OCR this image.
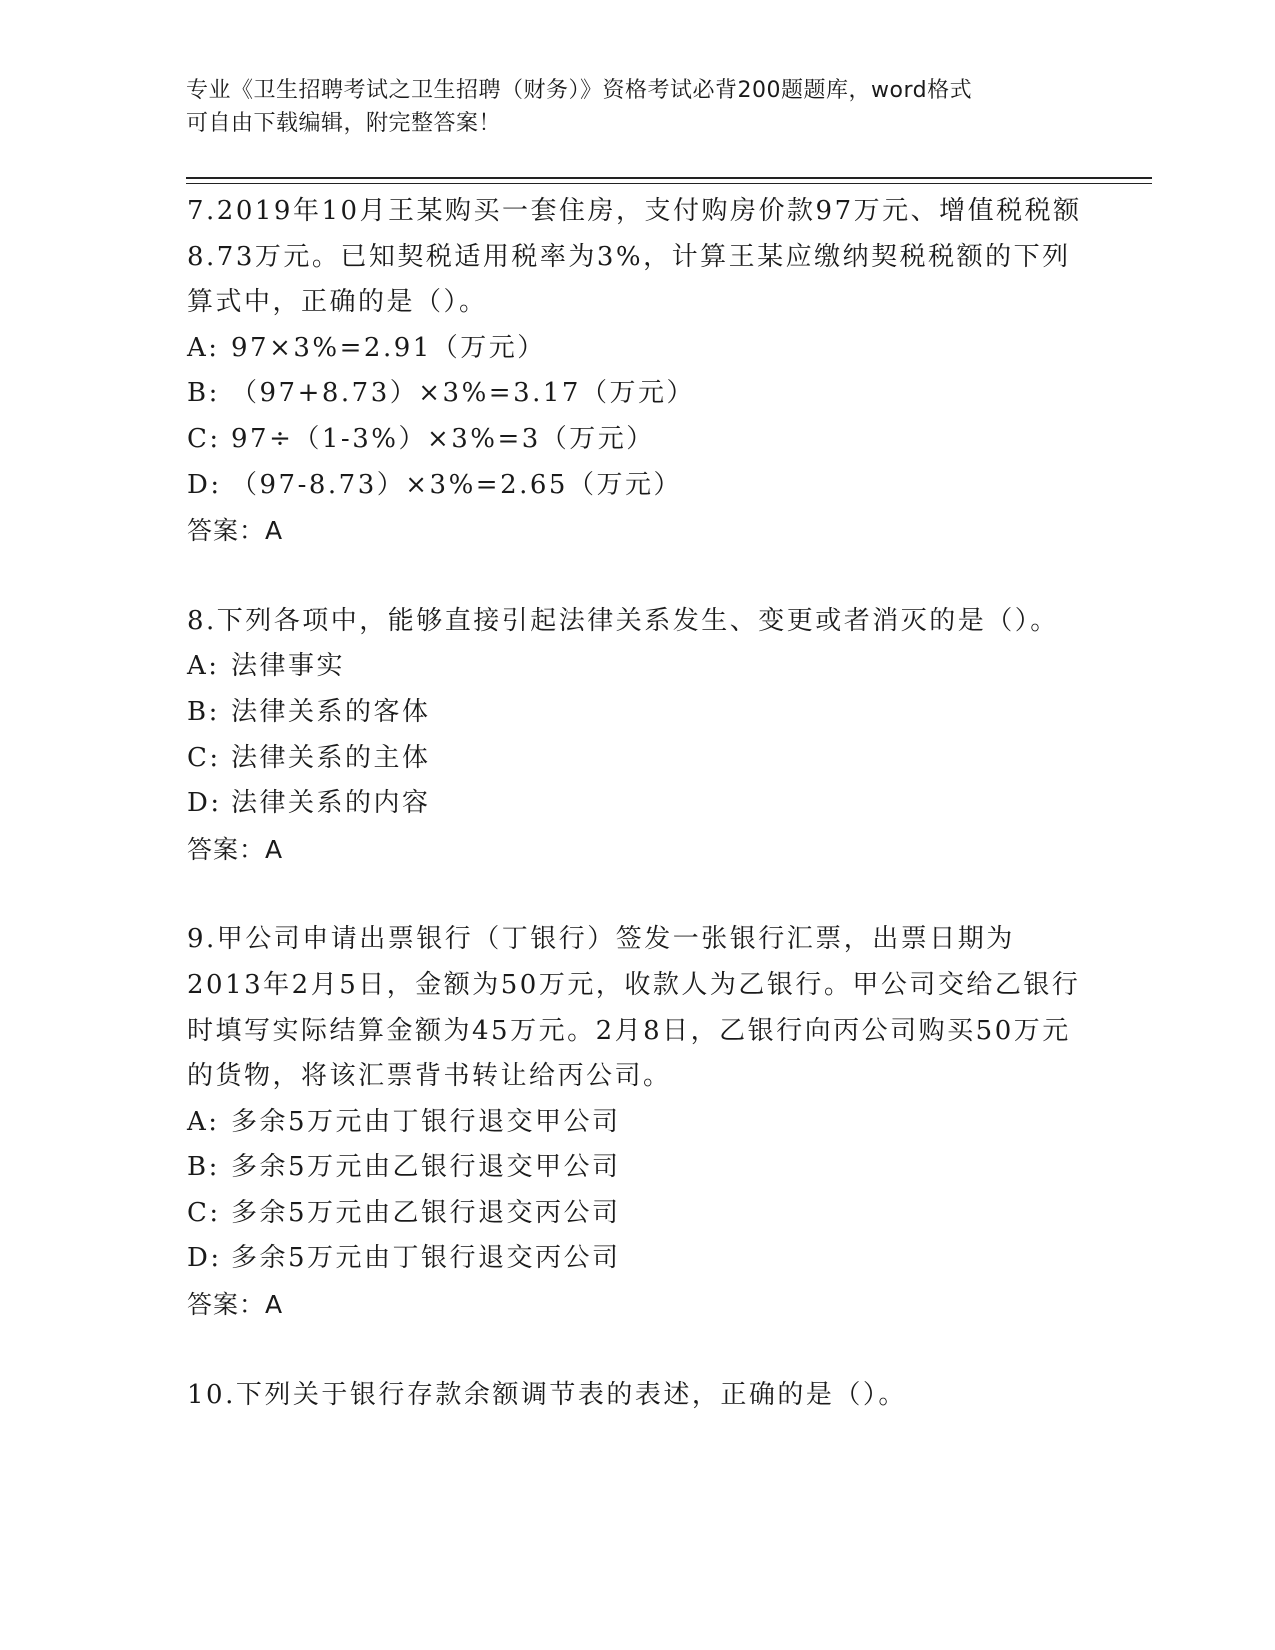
专业《卫生招聘考试之卫生招聘（财务）》资格考试必背200题题库，word格式
可自由下载编辑，附完整答案！

7.2019年10月王某购买一套住房，支付购房价款97万元、增值税税额8.73万元。已知契税适用税率为3%，计算王某应缴纳契税税额的下列算式中，正确的是（）。

A: 97×3%=2.91（万元）

B: （97+8.73）×3%=3.17（万元）

C: 97÷（1-3%）×3%=3（万元）

D: （97-8.73）×3%=2.65（万元）

答案：A

8.下列各项中，能够直接引起法律关系发生、变更或者消灭的是（）。

A: 法律事实

B: 法律关系的客体

C: 法律关系的主体

D: 法律关系的内容

答案：A

9.甲公司申请出票银行（丁银行）签发一张银行汇票，出票日期为2013年2月5日，金额为50万元，收款人为乙银行。甲公司交给乙银行时填写实际结算金额为45万元。2月8日，乙银行向丙公司购买50万元的货物，将该汇票背书转让给丙公司。

A: 多余5万元由丁银行退交甲公司

B: 多余5万元由乙银行退交甲公司

C: 多余5万元由乙银行退交丙公司

D: 多余5万元由丁银行退交丙公司

答案：A

10.下列关于银行存款余额调节表的表述，正确的是（）。
